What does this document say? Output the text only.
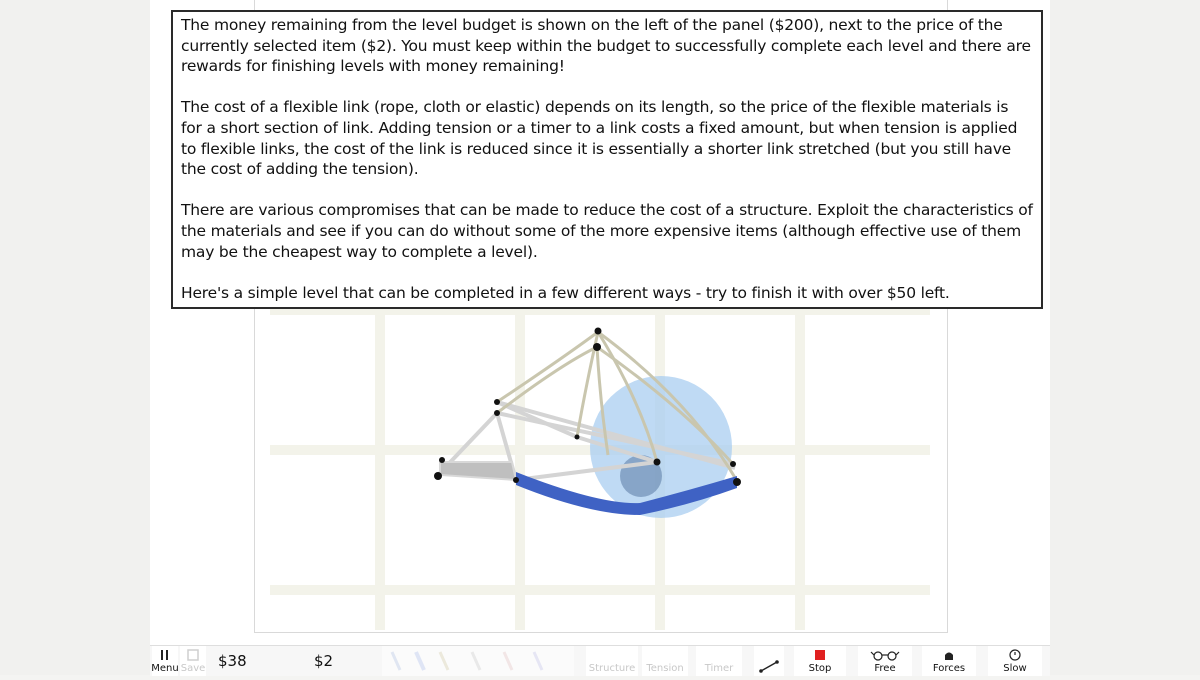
The money remaining from the level budget is shown on the left of the panel ($200), next to the price of the currently selected item ($2). You must keep within the budget to successfully complete each level and there are rewards for finishing levels with money remaining!

The cost of a flexible link (rope, cloth or elastic) depends on its length, so the price of the flexible materials is for a short section of link. Adding tension or a timer to a link costs a fixed amount, but when tension is applied to flexible links, the cost of the link is reduced since it is essentially a shorter link stretched (but you still have the cost of adding the tension).

There are various compromises that can be made to reduce the cost of a structure. Exploit the characteristics of the materials and see if you can do without some of the more expensive items (although effective use of them may be the cheapest way to complete a level).

Here's a simple level that can be completed in a few different ways - try to finish it with over $50 left.

Menu Save $38	$2	Structure Tension Timer	Stop	Free	Forces	Slow
